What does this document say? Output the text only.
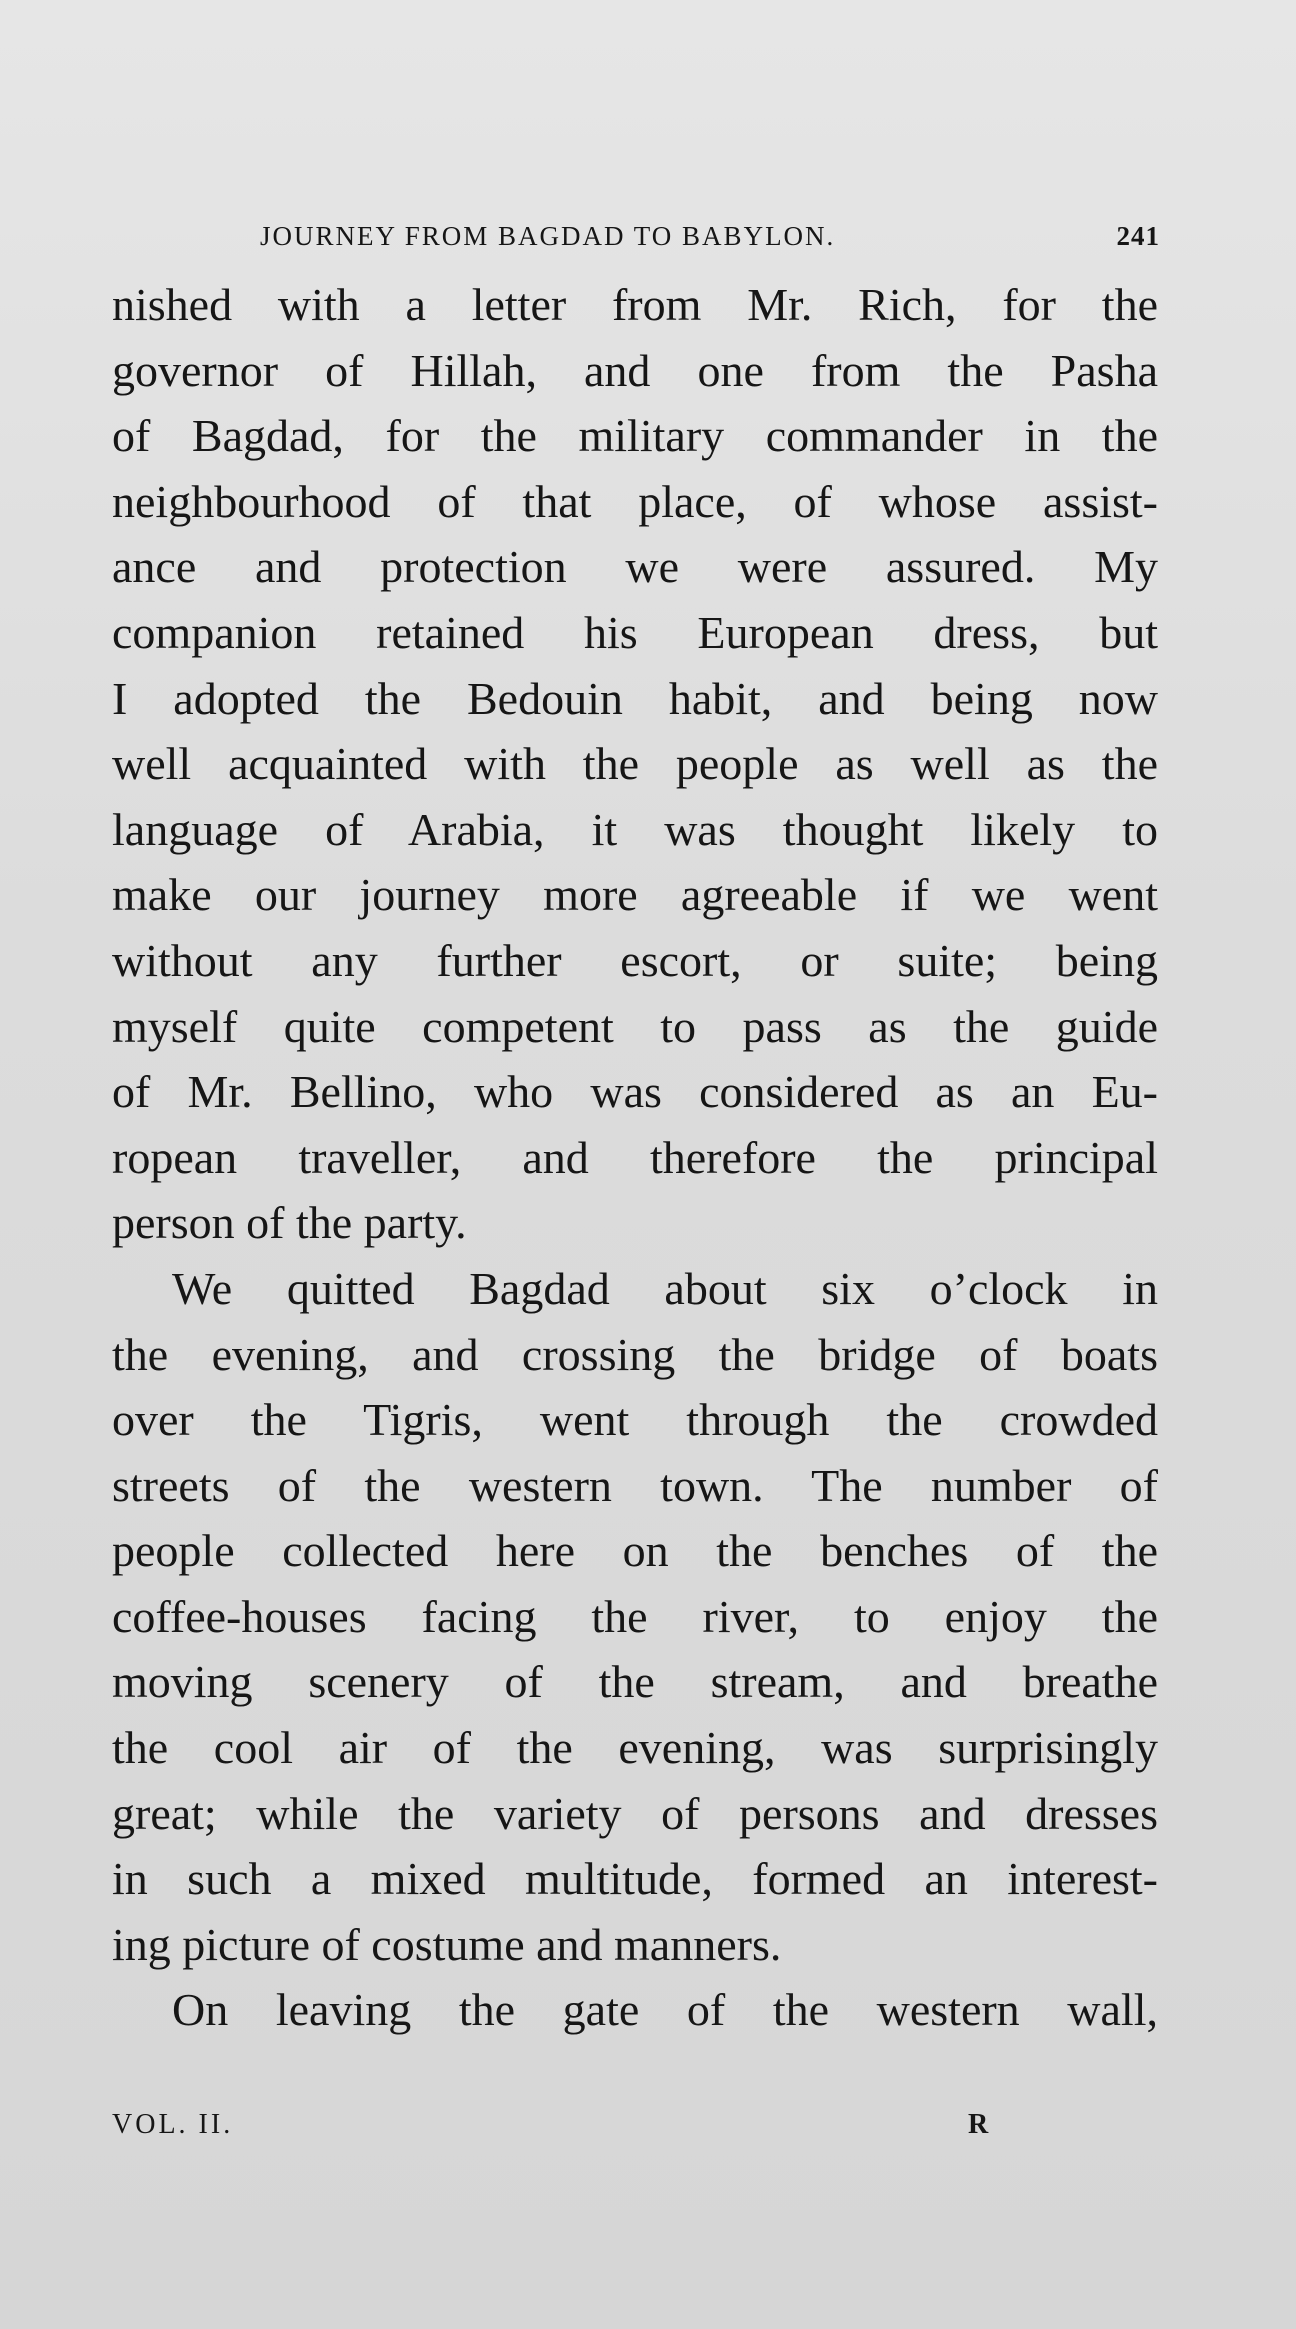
JOURNEY FROM BAGDAD TO BABYLON.	241
nished with a letter from Mr. Rich, for the
governor of Hillah, and one from the Pasha
of Bagdad, for the military commander in the
neighbourhood of that place, of whose assist-
ance and protection we were assured. My
companion retained his European dress, but
I adopted the Bedouin habit, and being now
well acquainted with the people as well as the
language of Arabia, it was thought likely to
make our journey more agreeable if we went
without any further escort, or suite; being
myself quite competent to pass as the guide
of Mr. Bellino, who was considered as an Eu-
ropean traveller, and therefore the principal
person of the party.
We quitted Bagdad about six o’clock in
the evening, and crossing the bridge of boats
over the Tigris, went through the crowded
streets of the western town. The number of
people collected here on the benches of the
coffee-houses facing the river, to enjoy the
moving scenery of the stream, and breathe
the cool air of the evening, was surprisingly
great; while the variety of persons and dresses
in such a mixed multitude, formed an interest-
ing picture of costume and manners.
On leaving the gate of the western wall,
VOL. II.	R
